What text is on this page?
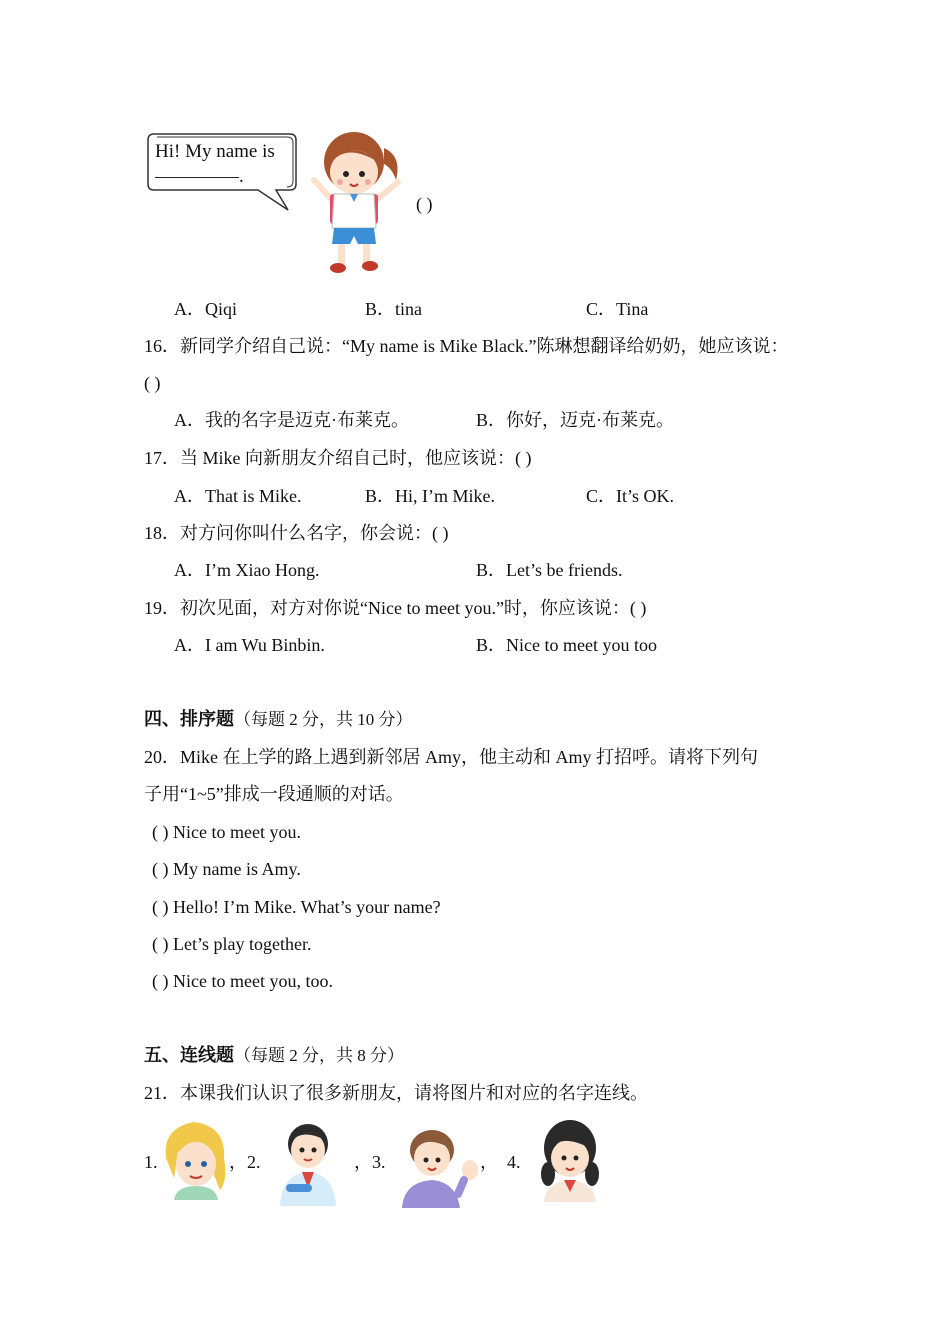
Hi! My name is
.
( )
A．Qiqi	B．tina	C．Tina
16．新同学介绍自己说：“My name is Mike Black.”陈琳想翻译给奶奶，她应该说：
( )
A．我的名字是迈克·布莱克。	B．你好，迈克·布莱克。
17．当 Mike 向新朋友介绍自己时，他应该说：( )
A．That is Mike.	B．Hi, I’m Mike.	C．It’s OK.
18．对方问你叫什么名字，你会说：( )
A．I’m Xiao Hong.	B．Let’s be friends.
19．初次见面，对方对你说“Nice to meet you.”时，你应该说：( )
A．I am Wu Binbin.	B．Nice to meet you too
四、排序题（每题 2 分，共 10 分）
20．Mike 在上学的路上遇到新邻居 Amy，他主动和 Amy 打招呼。请将下列句
子用“1~5”排成一段通顺的对话。
( ) Nice to meet you.
( ) My name is Amy.
( ) Hello! I’m Mike. What’s your name?
( ) Let’s play together.
( ) Nice to meet you, too.
五、连线题（每题 2 分，共 8 分）
21．本课我们认识了很多新朋友，请将图片和对应的名字连线。
1.	，2.	，3.	， 4.
